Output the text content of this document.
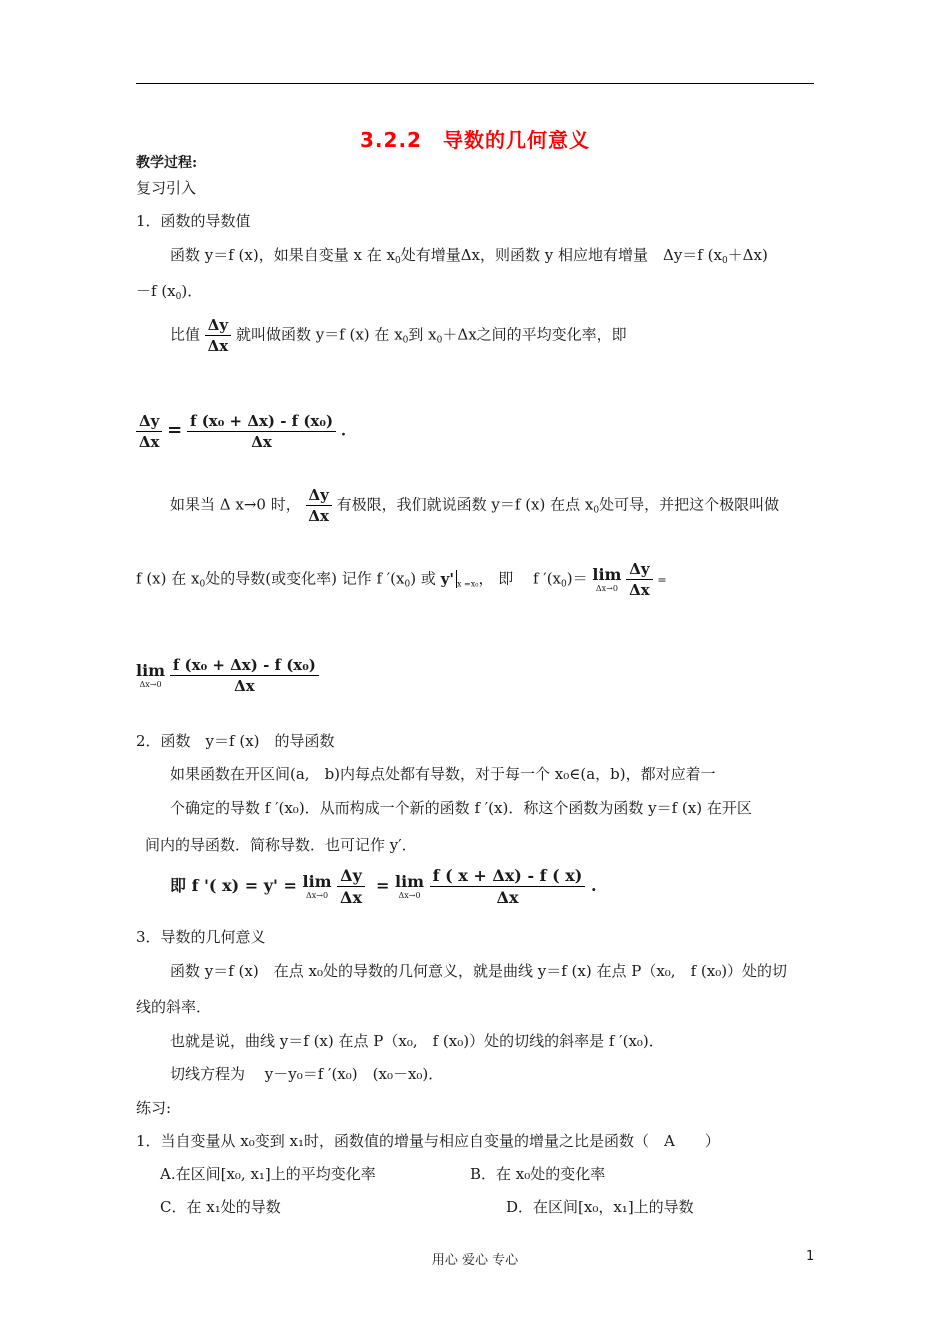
3.2.2　导数的几何意义
教学过程:
复习引入
1．函数的导数值
函数 y＝f (x)，如果自变量 x 在 $x_0$处有增量Δx，则函数 y 相应地有增量　Δy＝f $(x_0+\Delta x)$
－f $(x_0)$．
比值 $\frac{\Delta y}{\Delta x}$ 就叫做函数 y＝f (x) 在 $x_0$到 $x_0+\Delta x$之间的平均变化率，即
$\frac{\Delta y}{\Delta x} = \frac{\text{f (x₀ + Δx) - f (x₀)}}{\Delta x}$ .
如果当 Δ x→0 时， $\frac{\Delta y}{\Delta x}$ 有极限，我们就说函数 y＝f (x) 在点 $x_0$处可导，并把这个极限叫做
f (x) 在 $x_0$处的导数(或变化率) 记作 f $'(x_0)$ 或 y' $_{x =x_0}$， 即　 f $'(x_0)= \lim$
Δx→0
$\frac{\Delta y}{\Delta x}$ =
lim
Δx→0
$\frac{\text{f (x₀ + Δx) - f (x₀)}}{\Delta x}$
2．函数　y＝f (x)　的导函数
如果函数在开区间(a,　b)内每点处都有导数，对于每一个 x₀∈(a，b)，都对应着一
个确定的导数 f ′(x₀)．从而构成一个新的函数 f ′(x)．称这个函数为函数 y＝f (x) 在开区
间内的导函数．简称导数．也可记作 y′．
即 f '( x) = y' = lim
Δx→0
$\frac{\Delta y}{\Delta x} = \lim$
Δx→0
$\frac{f ( x + \Delta x) - f ( x)}{\Delta x}$ .
3．导数的几何意义
函数 y＝f (x)　在点 x₀处的导数的几何意义，就是曲线 y＝f (x) 在点 P（x₀,　f (x₀)）处的切
线的斜率．
也就是说，曲线 y＝f (x) 在点 P（x₀,　f (x₀)）处的切线的斜率是 f ′(x₀)．
切线方程为　 y－y₀＝f ′(x₀)　(x₀－x₀)．
练习:
1．当自变量从 x₀变到 x₁时，函数值的增量与相应自变量的增量之比是函数（　A　　）
A.在区间[x₀, x₁]上的平均变化率	B．在 x₀处的变化率
C．在 x₁处的导数	D．在区间[x₀，x₁]上的导数
用心 爱心 专心	1
